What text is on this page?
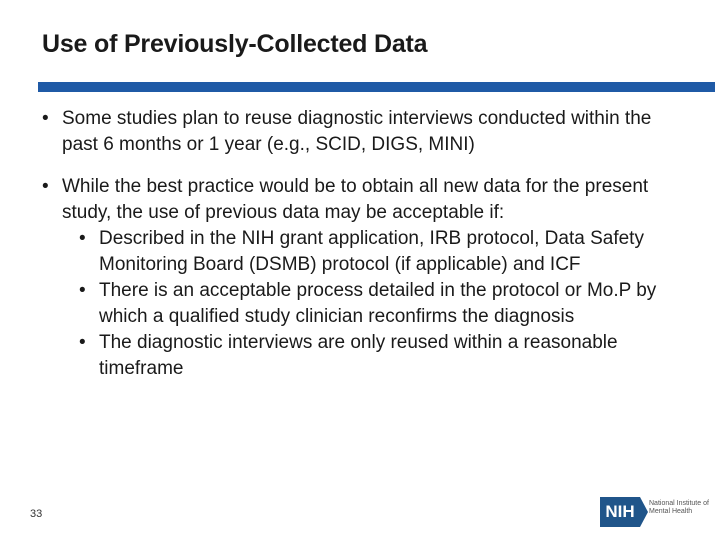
Use of Previously-Collected Data
• Some studies plan to reuse diagnostic interviews conducted within the past 6 months or 1 year (e.g., SCID, DIGS, MINI)
• While the best practice would be to obtain all new data for the present study, the use of previous data may be acceptable if:
• Described in the NIH grant application, IRB protocol, Data Safety Monitoring Board (DSMB) protocol (if applicable) and ICF
• There is an acceptable process detailed in the protocol or Mo.P by which a qualified study clinician reconfirms the diagnosis
• The diagnostic interviews are only reused within a reasonable timeframe
33	NIH	National Institute of Mental Health
